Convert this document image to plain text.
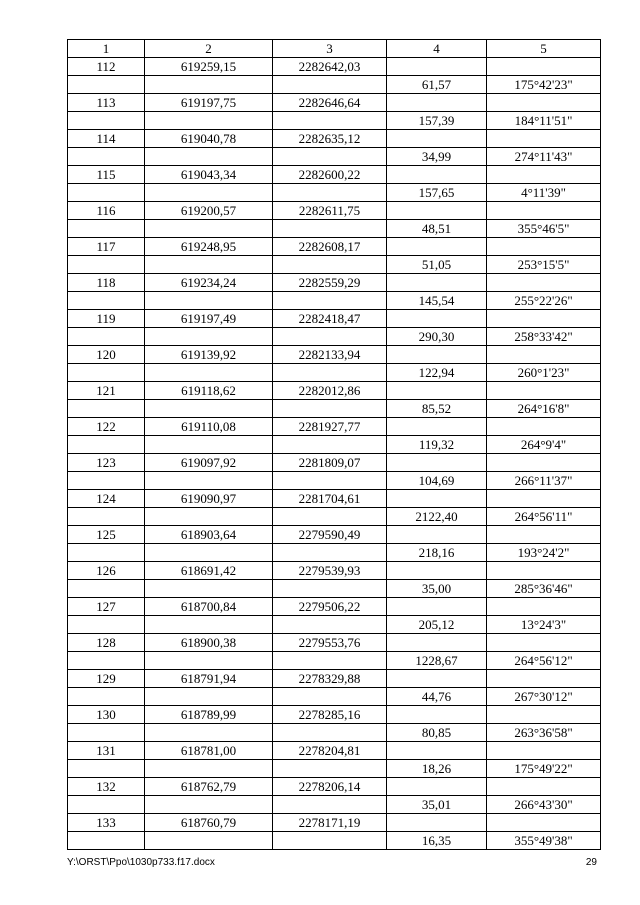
1	2	3	4	5
112	619259,15	2282642,03		
			61,57	175°42'23"
113	619197,75	2282646,64		
			157,39	184°11'51"
114	619040,78	2282635,12		
			34,99	274°11'43"
115	619043,34	2282600,22		
			157,65	4°11'39"
116	619200,57	2282611,75		
			48,51	355°46'5"
117	619248,95	2282608,17		
			51,05	253°15'5"
118	619234,24	2282559,29		
			145,54	255°22'26"
119	619197,49	2282418,47		
			290,30	258°33'42"
120	619139,92	2282133,94		
			122,94	260°1'23"
121	619118,62	2282012,86		
			85,52	264°16'8"
122	619110,08	2281927,77		
			119,32	264°9'4"
123	619097,92	2281809,07		
			104,69	266°11'37"
124	619090,97	2281704,61		
			2122,40	264°56'11"
125	618903,64	2279590,49		
			218,16	193°24'2"
126	618691,42	2279539,93		
			35,00	285°36'46"
127	618700,84	2279506,22		
			205,12	13°24'3"
128	618900,38	2279553,76		
			1228,67	264°56'12"
129	618791,94	2278329,88		
			44,76	267°30'12"
130	618789,99	2278285,16		
			80,85	263°36'58"
131	618781,00	2278204,81		
			18,26	175°49'22"
132	618762,79	2278206,14		
			35,01	266°43'30"
133	618760,79	2278171,19		
			16,35	355°49'38"
Y:\ORST\Ppo\1030p733.f17.docx	29
